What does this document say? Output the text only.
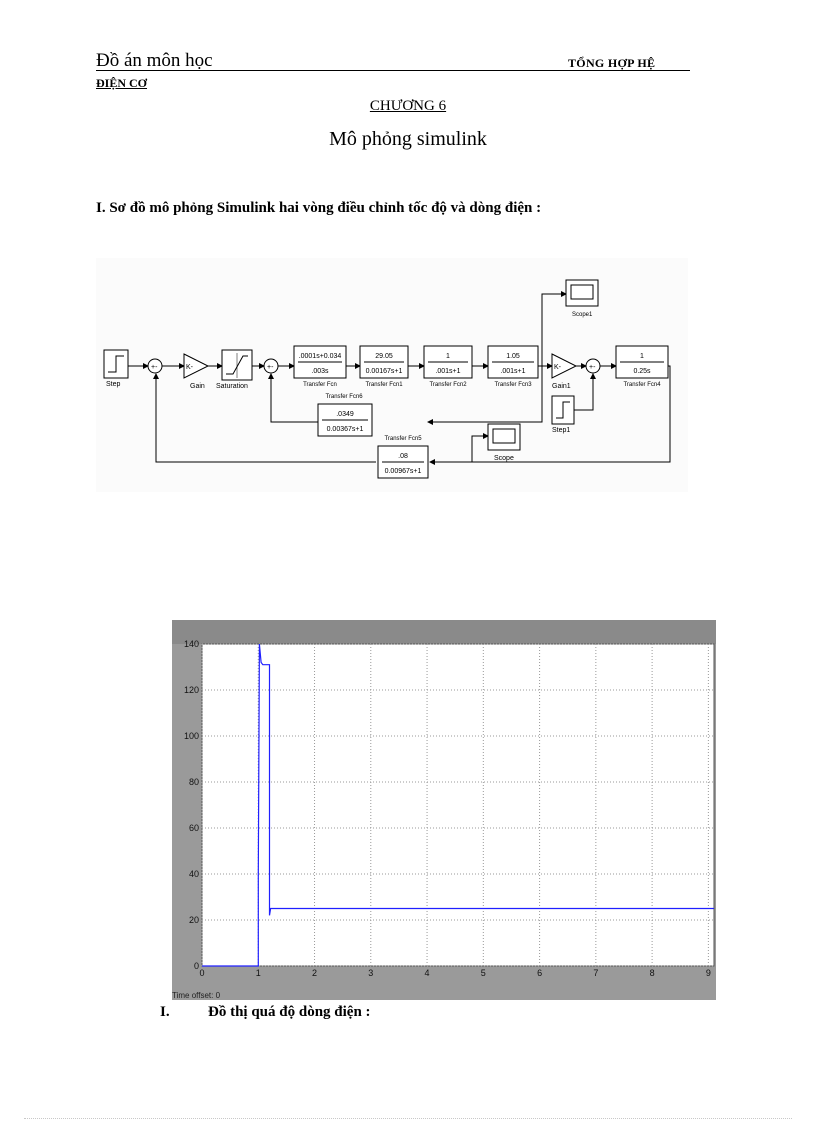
Đồ án môn học	TỔNG HỢP HỆ
ĐIỆN CƠ
CHƯƠNG 6
Mô phỏng simulink
I. Sơ đồ mô phỏng Simulink hai vòng điều chỉnh tốc độ và dòng điện :
Step
+-	K-
Gain Saturation
+-
.0001s+0.034
.003s
Transfer Fcn
29.05
0.00167s+1
Transfer Fcn1
1
.001s+1
Transfer Fcn2
1.05
.001s+1
Transfer Fcn3
K-
Gain1
+-
1
0.25s
Transfer Fcn4
Scope1
Step1
Transfer Fcn6
.0349
0.00367s+1
Transfer Fcn5
.08
0.00967s+1
Scope
0
20
40
60
80
100
120
140
0	1	2	3	4	5	6	7	8	9
Time offset: 0
I.	Đồ thị quá độ dòng điện :
